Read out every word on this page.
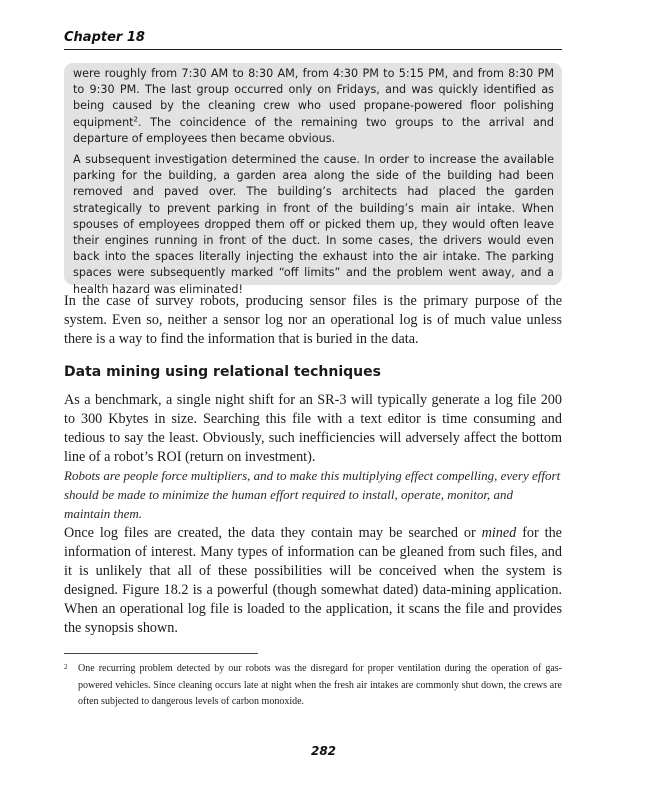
Chapter 18

were roughly from 7:30 AM to 8:30 AM, from 4:30 PM to 5:15 PM, and from 8:30 PM to 9:30 PM. The last group occurred only on Fridays, and was quickly identified as being caused by the cleaning crew who used propane-powered floor polishing equipment$^2$. The coincidence of the remaining two groups to the arrival and departure of employees then became obvious.

A subsequent investigation determined the cause. In order to increase the available parking for the building, a garden area along the side of the building had been removed and paved over. The building’s architects had placed the garden strategically to prevent parking in front of the building’s main air intake. When spouses of employees dropped them off or picked them up, they would often leave their engines running in front of the duct. In some cases, the drivers would even back into the spaces literally injecting the exhaust into the air intake. The parking spaces were subsequently marked “off limits” and the problem went away, and a health hazard was eliminated!

In the case of survey robots, producing sensor files is the primary purpose of the system. Even so, neither a sensor log nor an operational log is of much value unless there is a way to find the information that is buried in the data.

Data mining using relational techniques

As a benchmark, a single night shift for an SR-3 will typically generate a log file 200 to 300 Kbytes in size. Searching this file with a text editor is time consuming and tedious to say the least. Obviously, such inefficiencies will adversely affect the bottom line of a robot’s ROI (return on investment).

Robots are people force multipliers, and to make this multiplying effect compelling, every effort should be made to minimize the human effort required to install, operate, monitor, and maintain them.

Once log files are created, the data they contain may be searched or mined for the information of interest. Many types of information can be gleaned from such files, and it is unlikely that all of these possibilities will be conceived when the system is designed. Figure 18.2 is a powerful (though somewhat dated) data-mining application. When an operational log file is loaded to the application, it scans the file and provides the synopsis shown.

2	One recurring problem detected by our robots was the disregard for proper ventilation during the operation of gas-powered vehicles. Since cleaning occurs late at night when the fresh air intakes are commonly shut down, the crews are often subjected to dangerous levels of carbon monoxide.
282
